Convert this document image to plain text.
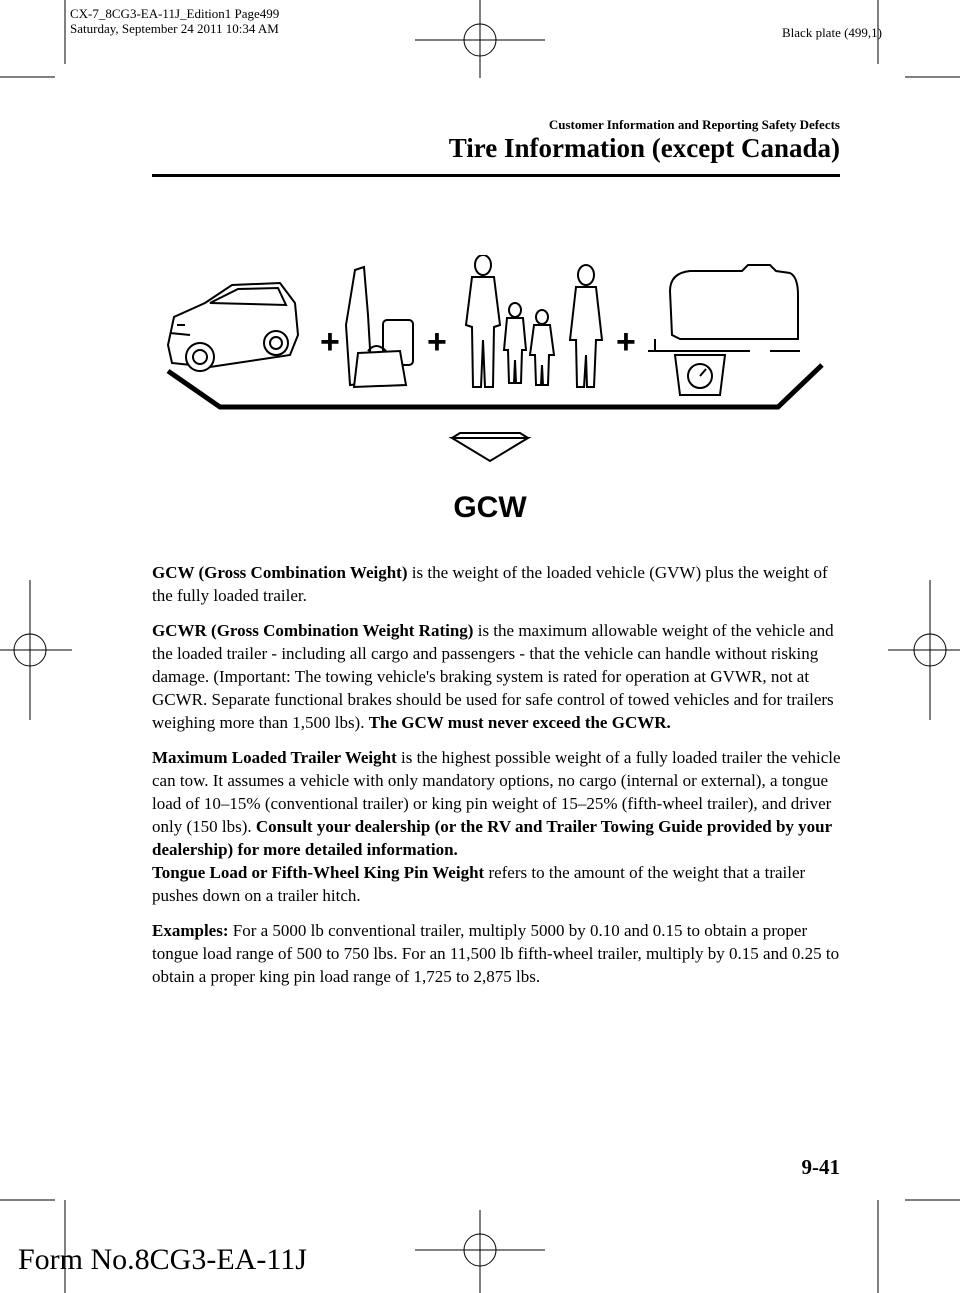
CX-7_8CG3-EA-11J_Edition1 Page499
Saturday, September 24 2011 10:34 AM	Black plate (499,1)
Customer Information and Reporting Safety Defects
Tire Information (except Canada)
+	+	+
GCW

GCW (Gross Combination Weight) is the weight of the loaded vehicle (GVW) plus the weight of the fully loaded trailer.

GCWR (Gross Combination Weight Rating) is the maximum allowable weight of the vehicle and the loaded trailer - including all cargo and passengers - that the vehicle can handle without risking damage. (Important: The towing vehicle's braking system is rated for operation at GVWR, not at GCWR. Separate functional brakes should be used for safe control of towed vehicles and for trailers weighing more than 1,500 lbs). The GCW must never exceed the GCWR.

Maximum Loaded Trailer Weight is the highest possible weight of a fully loaded trailer the vehicle can tow. It assumes a vehicle with only mandatory options, no cargo (internal or external), a tongue load of 10–15% (conventional trailer) or king pin weight of 15–25% (fifth-wheel trailer), and driver only (150 lbs). Consult your dealership (or the RV and Trailer Towing Guide provided by your dealership) for more detailed information.

Tongue Load or Fifth-Wheel King Pin Weight refers to the amount of the weight that a trailer pushes down on a trailer hitch.

Examples: For a 5000 lb conventional trailer, multiply 5000 by 0.10 and 0.15 to obtain a proper tongue load range of 500 to 750 lbs. For an 11,500 lb fifth-wheel trailer, multiply by 0.15 and 0.25 to obtain a proper king pin load range of 1,725 to 2,875 lbs.

9-41
Form No.8CG3-EA-11J
